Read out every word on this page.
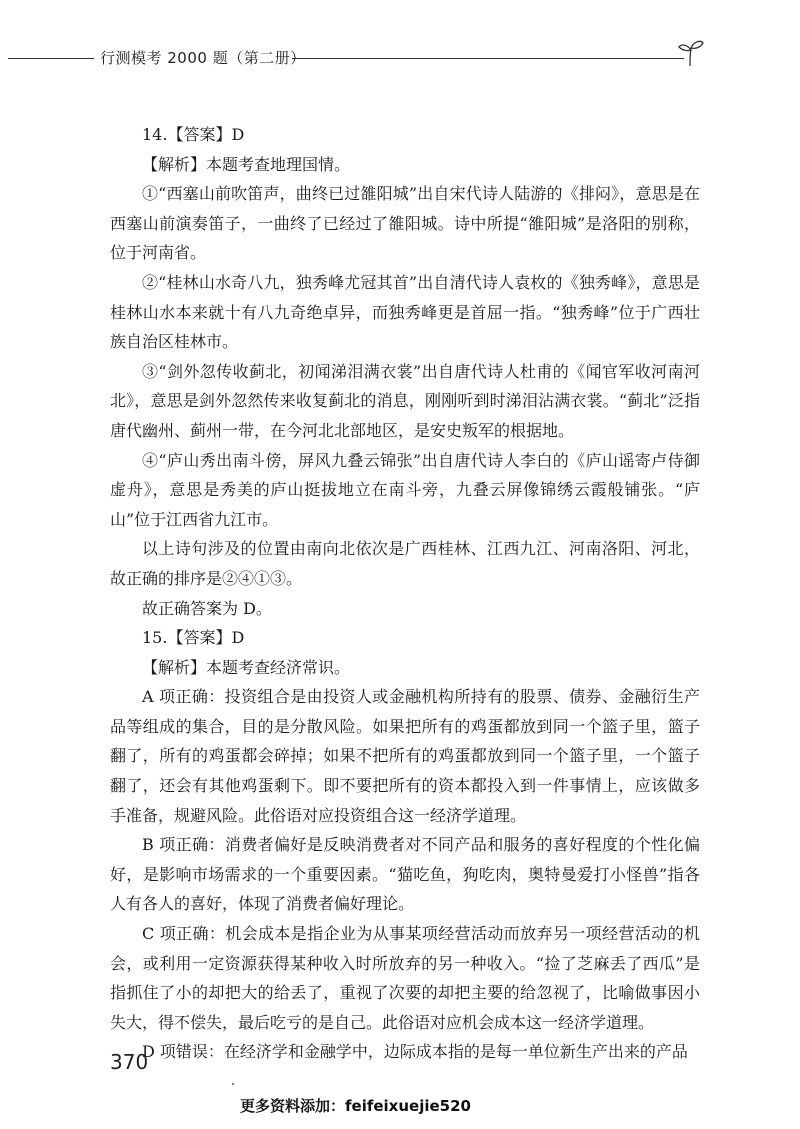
行测模考 2000 题（第二册）

14.【答案】D

【解析】本题考查地理国情。

①“西塞山前吹笛声，曲终已过雒阳城”出自宋代诗人陆游的《排闷》，意思是在西塞山前演奏笛子，一曲终了已经过了雒阳城。诗中所提“雒阳城”是洛阳的别称，位于河南省。

②“桂林山水奇八九，独秀峰尤冠其首”出自清代诗人袁枚的《独秀峰》，意思是桂林山水本来就十有八九奇绝卓异，而独秀峰更是首屈一指。“独秀峰”位于广西壮族自治区桂林市。

③“剑外忽传收蓟北，初闻涕泪满衣裳”出自唐代诗人杜甫的《闻官军收河南河北》，意思是剑外忽然传来收复蓟北的消息，刚刚听到时涕泪沾满衣裳。“蓟北”泛指唐代幽州、蓟州一带，在今河北北部地区，是安史叛军的根据地。

④“庐山秀出南斗傍，屏风九叠云锦张”出自唐代诗人李白的《庐山谣寄卢侍御虚舟》，意思是秀美的庐山挺拔地立在南斗旁，九叠云屏像锦绣云霞般铺张。“庐山”位于江西省九江市。

以上诗句涉及的位置由南向北依次是广西桂林、江西九江、河南洛阳、河北，故正确的排序是②④①③。

故正确答案为 D。

15.【答案】D

【解析】本题考查经济常识。

A 项正确：投资组合是由投资人或金融机构所持有的股票、债券、金融衍生产品等组成的集合，目的是分散风险。如果把所有的鸡蛋都放到同一个篮子里，篮子翻了，所有的鸡蛋都会碎掉；如果不把所有的鸡蛋都放到同一个篮子里，一个篮子翻了，还会有其他鸡蛋剩下。即不要把所有的资本都投入到一件事情上，应该做多手准备，规避风险。此俗语对应投资组合这一经济学道理。

B 项正确：消费者偏好是反映消费者对不同产品和服务的喜好程度的个性化偏好，是影响市场需求的一个重要因素。“猫吃鱼，狗吃肉，奥特曼爱打小怪兽”指各人有各人的喜好，体现了消费者偏好理论。

C 项正确：机会成本是指企业为从事某项经营活动而放弃另一项经营活动的机会，或利用一定资源获得某种收入时所放弃的另一种收入。“捡了芝麻丢了西瓜”是指抓住了小的却把大的给丢了，重视了次要的却把主要的给忽视了，比喻做事因小失大，得不偿失，最后吃亏的是自己。此俗语对应机会成本这一经济学道理。

D 项错误：在经济学和金融学中，边际成本指的是每一单位新生产出来的产品

370
更多资料添加：feifeixuejie520
